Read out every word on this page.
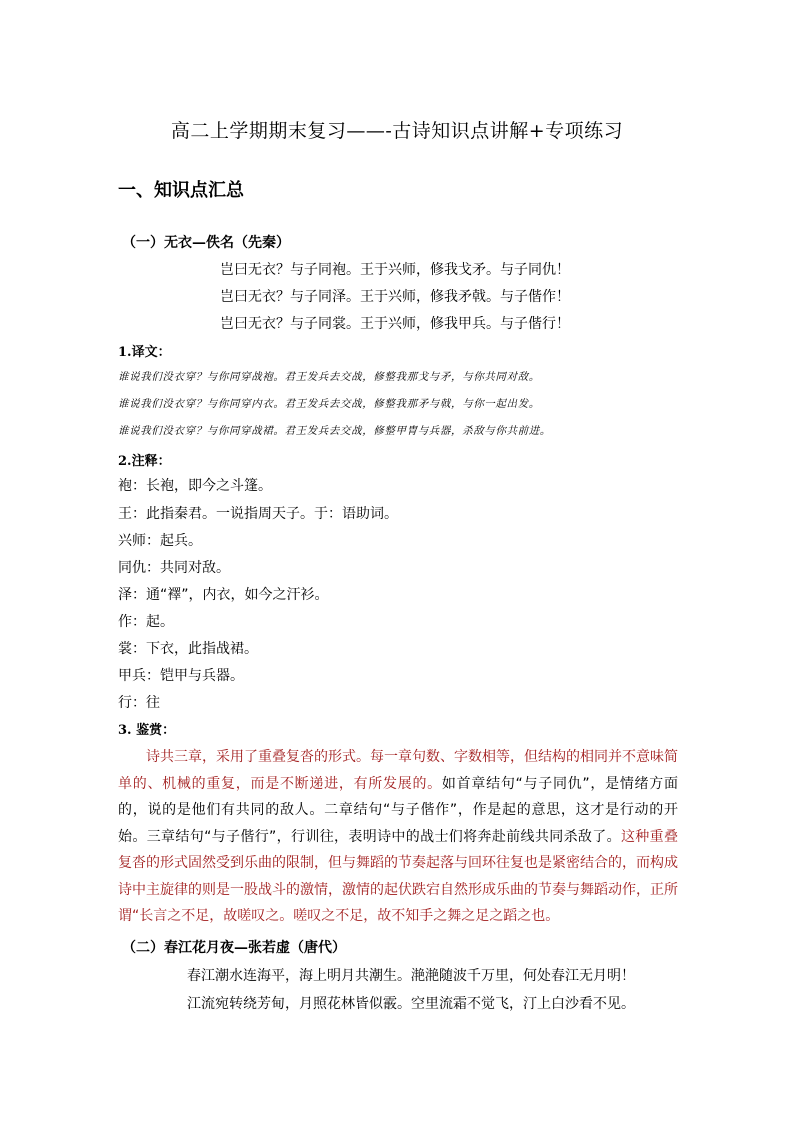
高二上学期期末复习——-古诗知识点讲解+专项练习
一、知识点汇总
（一）无衣—佚名（先秦）
岂曰无衣？与子同袍。王于兴师，修我戈矛。与子同仇！
岂曰无衣？与子同泽。王于兴师，修我矛戟。与子偕作！
岂曰无衣？与子同裳。王于兴师，修我甲兵。与子偕行！
1.译文：
谁说我们没衣穿？与你同穿战袍。君王发兵去交战，修整我那戈与矛，与你共同对敌。
谁说我们没衣穿？与你同穿内衣。君王发兵去交战，修整我那矛与戟，与你一起出发。
谁说我们没衣穿？与你同穿战裙。君王发兵去交战，修整甲胄与兵器，杀敌与你共前进。
2.注释：
袍：长袍，即今之斗篷。
王：此指秦君。一说指周天子。于：语助词。
兴师：起兵。
同仇：共同对敌。
泽：通“襗”，内衣，如今之汗衫。
作：起。
裳：下衣，此指战裙。
甲兵：铠甲与兵器。
行：往
3. 鉴赏：
诗共三章，采用了重叠复沓的形式。每一章句数、字数相等，但结构的相同并不意味简单的、机械的重复，而是不断递进，有所发展的。如首章结句“与子同仇”，是情绪方面的，说的是他们有共同的敌人。二章结句“与子偕作”，作是起的意思，这才是行动的开始。三章结句“与子偕行”，行训往，表明诗中的战士们将奔赴前线共同杀敌了。这种重叠复沓的形式固然受到乐曲的限制，但与舞蹈的节奏起落与回环往复也是紧密结合的，而构成诗中主旋律的则是一股战斗的激情，激情的起伏跌宕自然形成乐曲的节奏与舞蹈动作，正所谓“长言之不足，故嗟叹之。嗟叹之不足，故不知手之舞之足之蹈之也。
（二）春江花月夜—张若虚（唐代）
春江潮水连海平，海上明月共潮生。滟滟随波千万里，何处春江无月明！
江流宛转绕芳甸，月照花林皆似霰。空里流霜不觉飞，汀上白沙看不见。
